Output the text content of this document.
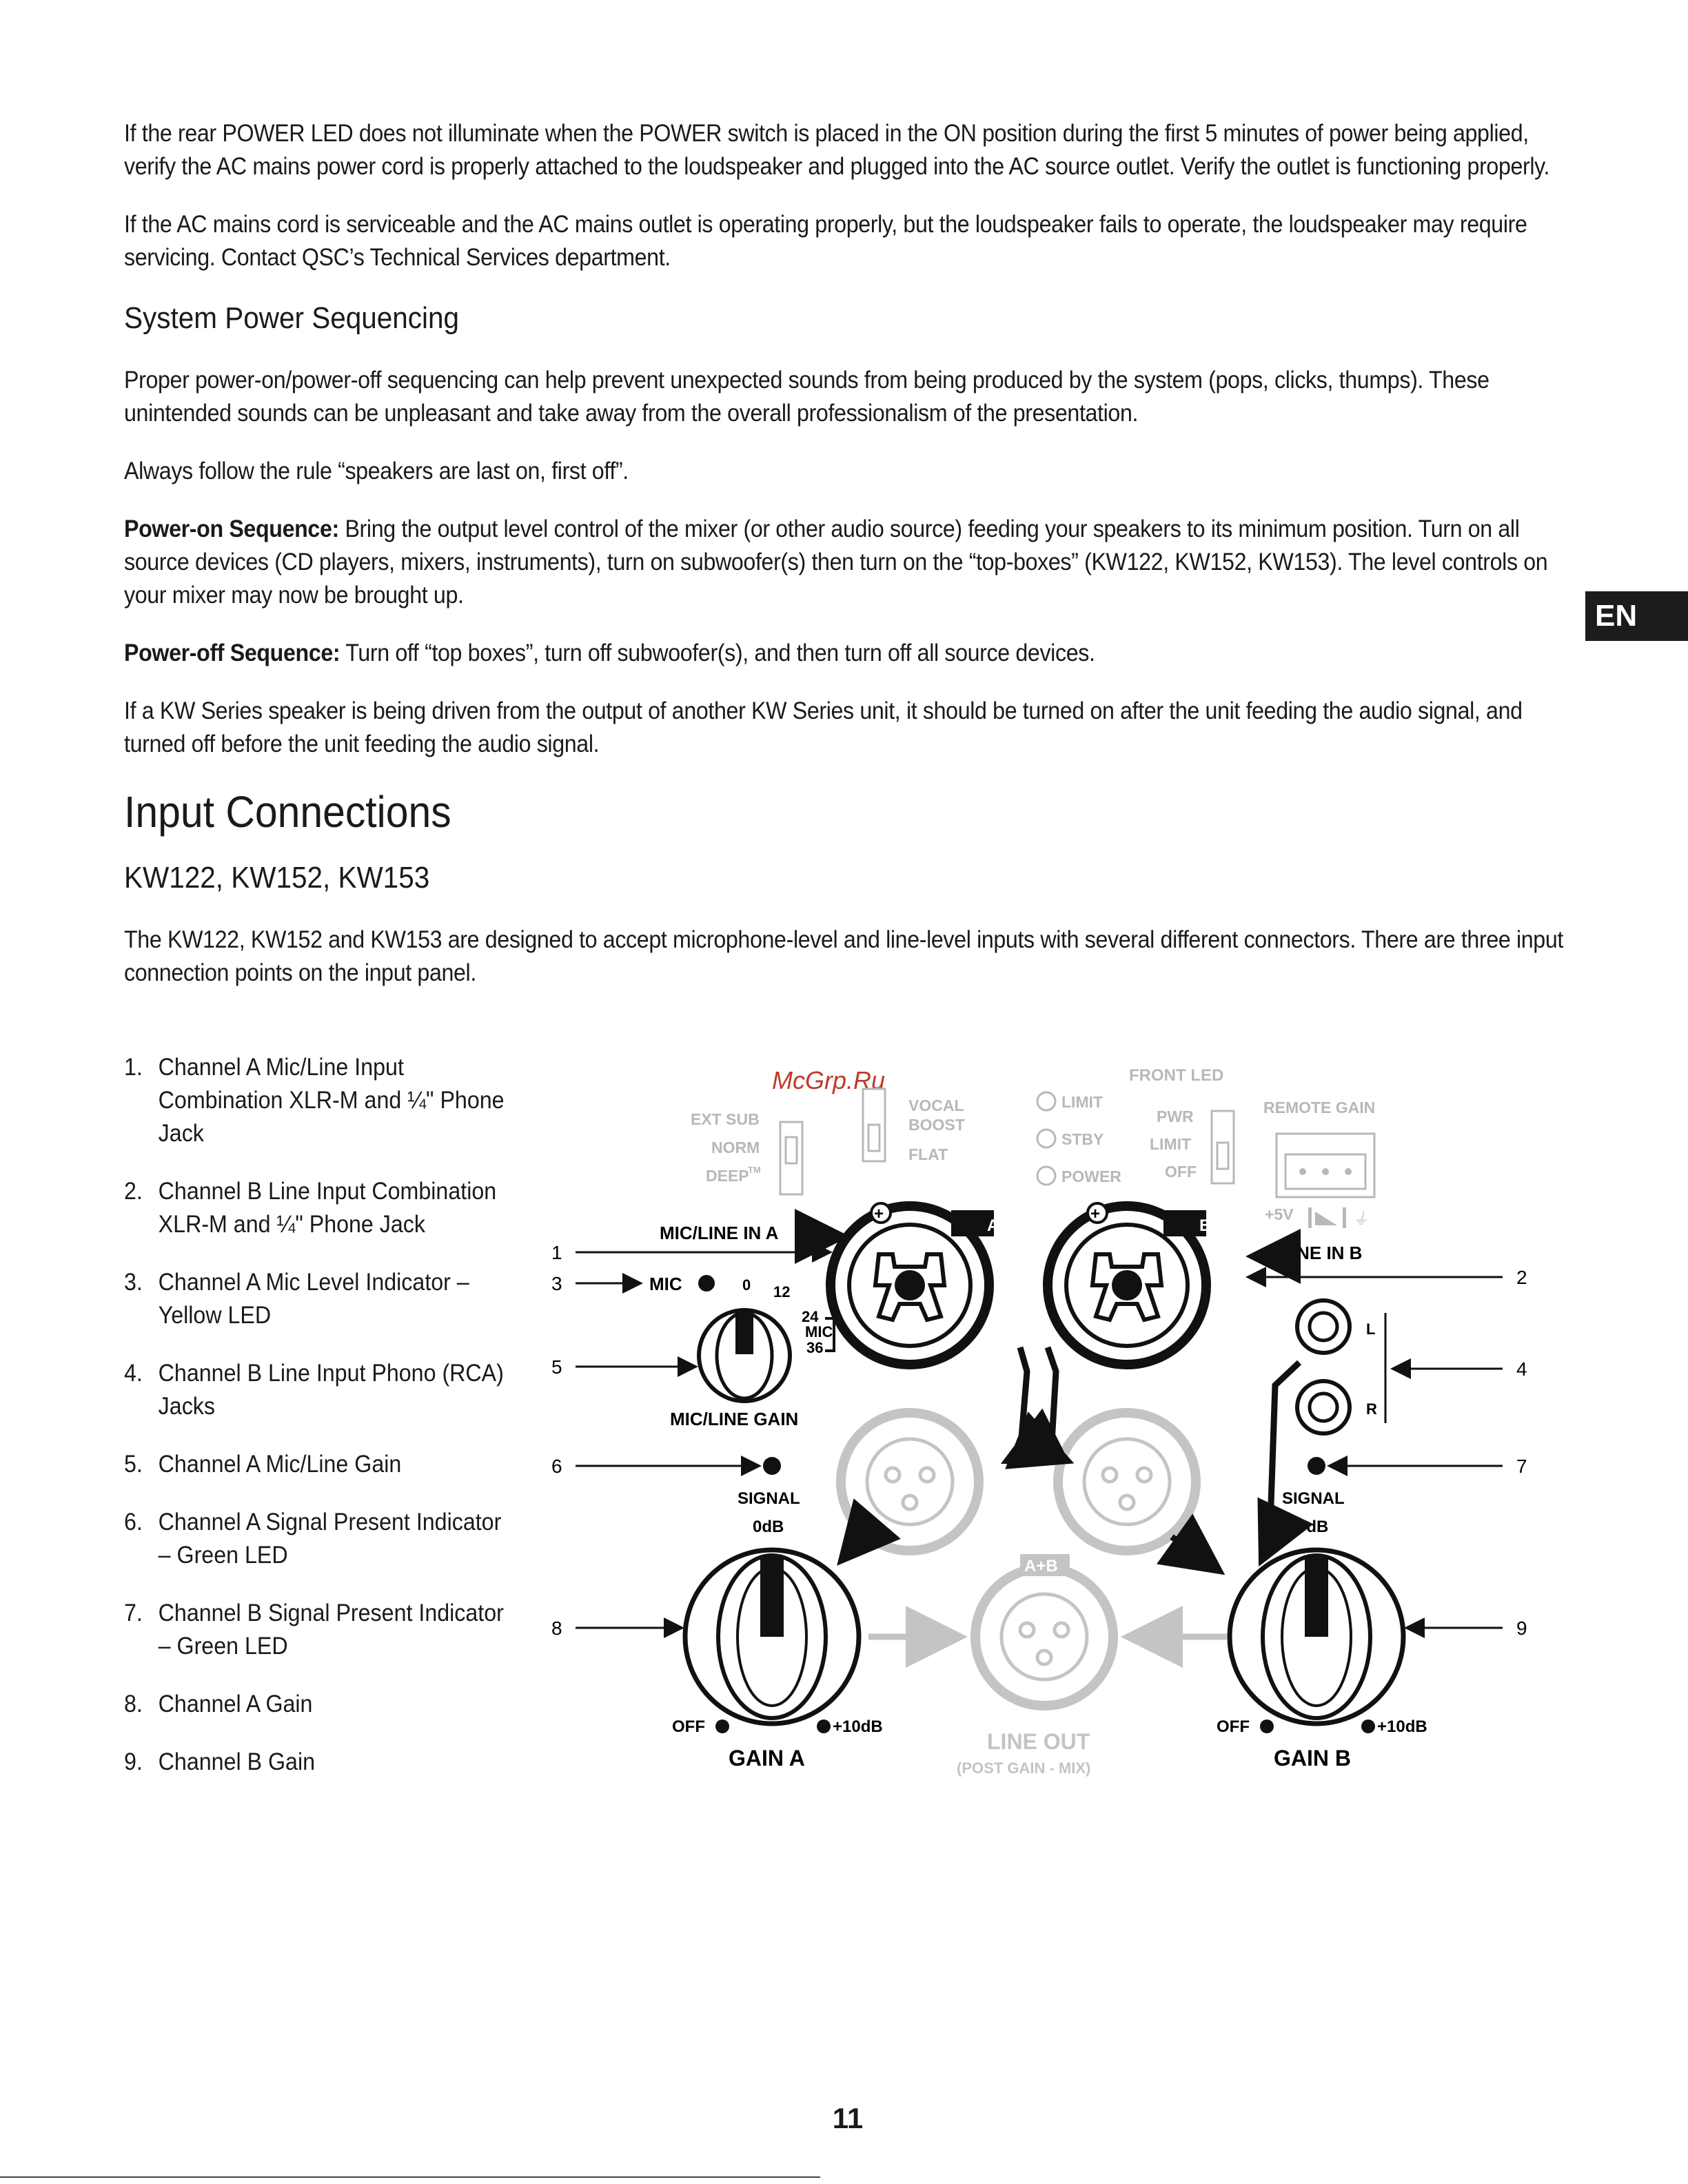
If the rear POWER LED does not illuminate when the POWER switch is placed in the ON position during the first 5 minutes of power being applied, verify the AC mains power cord is properly attached to the loudspeaker and plugged into the AC source outlet. Verify the outlet is functioning properly.

If the AC mains cord is serviceable and the AC mains outlet is operating properly, but the loudspeaker fails to operate, the loudspeaker may require servicing. Contact QSC’s Technical Services department.

System Power Sequencing

Proper power-on/power-off sequencing can help prevent unexpected sounds from being produced by the system (pops, clicks, thumps). These unintended sounds can be unpleasant and take away from the overall professionalism of the presentation.

Always follow the rule “speakers are last on, first off”.

Power-on Sequence: Bring the output level control of the mixer (or other audio source) feeding your speakers to its minimum position. Turn on all source devices (CD players, mixers, instruments), turn on subwoofer(s) then turn on the “top-boxes” (KW122, KW152, KW153). The level controls on your mixer may now be brought up.

Power-off Sequence: Turn off “top boxes”, turn off subwoofer(s), and then turn off all source devices.

If a KW Series speaker is being driven from the output of another KW Series unit, it should be turned on after the unit feeding the audio signal, and turned off before the unit feeding the audio signal.

Input Connections
KW122, KW152, KW153

The KW122, KW152 and KW153 are designed to accept microphone-level and line-level inputs with several different connectors. There are three input connection points on the input panel.

EN
1. Channel A Mic/Line Input Combination XLR-M and ¼" Phone Jack
2. Channel B Line Input Combination XLR-M and ¼" Phone Jack
3. Channel A Mic Level Indicator – Yellow LED
4. Channel B Line Input Phono (RCA) Jacks
5. Channel A Mic/Line Gain
6. Channel A Signal Present Indicator – Green LED
7. Channel B Signal Present Indicator – Green LED
8. Channel A Gain
9. Channel B Gain
McGrp.Ru
EXT SUB
NORM
DEEP
TM
VOCAL
BOOST
FLAT
LIMIT
STBY
POWER
FRONT LED
PWR
LIMIT
OFF
REMOTE GAIN
+5V	⏚
A
+
B
+
A+B
MIC	0 12
24
MIC
36
MIC/LINE GAIN
MIC/LINE IN A
LINE IN B
L
R
SIGNAL	SIGNAL
0dB	0dB
OFF	+10dB
GAIN A
OFF	+10dB
GAIN B
LINE OUT
(POST GAIN - MIX)
1
2
3
4
5
6	7
8	9
11
